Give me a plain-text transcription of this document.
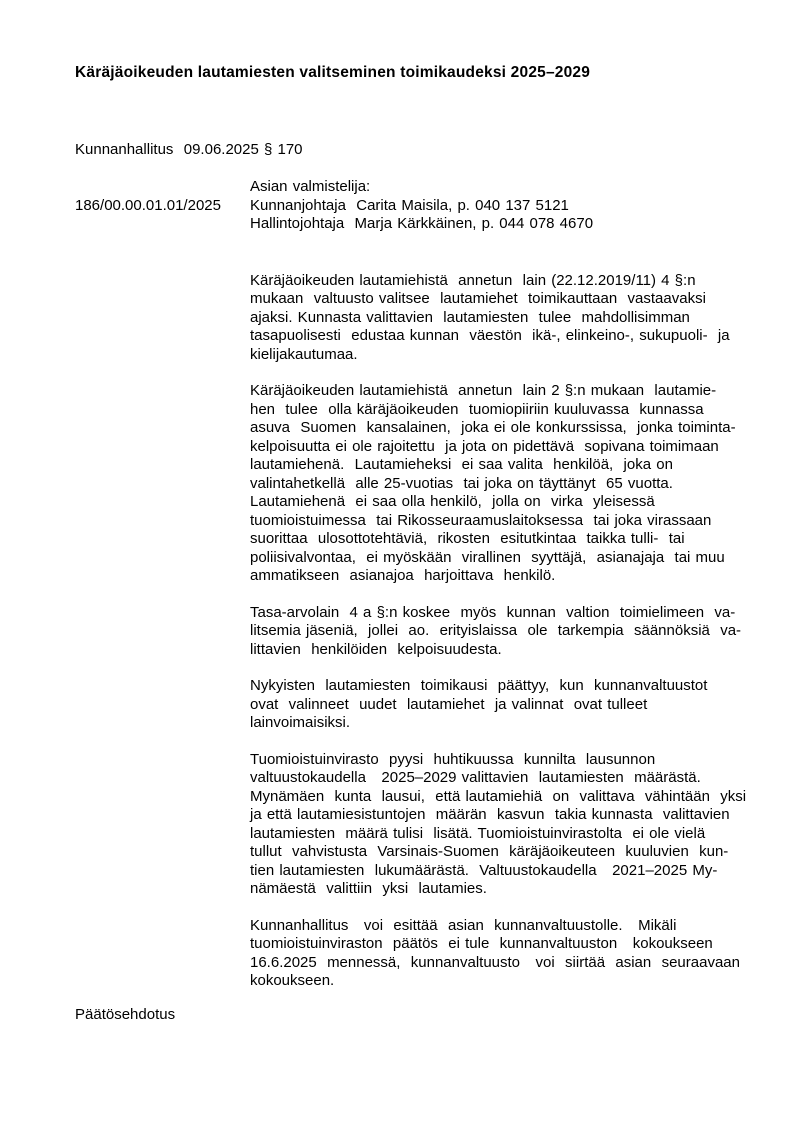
Käräjäoikeuden lautamiesten valitseminen toimikaudeksi 2025–2029

Kunnanhallitus  09.06.2025 § 170

186/00.00.01.01/2025

Asian valmistelija:
Kunnanjohtaja  Carita Maisila, p. 040 137 5121
Hallintojohtaja  Marja Kärkkäinen, p. 044 078 4670
Käräjäoikeuden lautamiehistä  annetun  lain (22.12.2019/11) 4 §:n
mukaan  valtuusto valitsee  lautamiehet  toimikauttaan  vastaavaksi
ajaksi. Kunnasta valittavien  lautamiesten  tulee  mahdollisimman
tasapuolisesti  edustaa kunnan  väestön  ikä-, elinkeino-, sukupuoli-  ja
kielijakautumaa.
Käräjäoikeuden lautamiehistä  annetun  lain 2 §:n mukaan  lautamie-
hen  tulee  olla käräjäoikeuden  tuomiopiiriin kuuluvassa  kunnassa
asuva  Suomen  kansalainen,  joka ei ole konkurssissa,  jonka toiminta-
kelpoisuutta ei ole rajoitettu  ja jota on pidettävä  sopivana toimimaan
lautamiehenä.  Lautamieheksi  ei saa valita  henkilöä,  joka on
valintahetkellä  alle 25-vuotias  tai joka on täyttänyt  65 vuotta.
Lautamiehenä  ei saa olla henkilö,  jolla on  virka  yleisessä
tuomioistuimessa  tai Rikosseuraamuslaitoksessa  tai joka virassaan
suorittaa  ulosottotehtäviä,  rikosten  esitutkintaa  taikka tulli-  tai
poliisivalvontaa,  ei myöskään  virallinen  syyttäjä,  asianajaja  tai muu
ammatikseen  asianajoa  harjoittava  henkilö.
Tasa-arvolain  4 a §:n koskee  myös  kunnan  valtion  toimielimeen  va-
litsemia jäseniä,  jollei  ao.  erityislaissa  ole  tarkempia  säännöksiä  va-
littavien  henkilöiden  kelpoisuudesta.
Nykyisten  lautamiesten  toimikausi  päättyy,  kun  kunnanvaltuustot
ovat  valinneet  uudet  lautamiehet  ja valinnat  ovat tulleet
lainvoimaisiksi.
Tuomioistuinvirasto  pyysi  huhtikuussa  kunnilta  lausunnon
valtuustokaudella   2025–2029 valittavien  lautamiesten  määrästä.
Mynämäen  kunta  lausui,  että lautamiehiä  on  valittava  vähintään  yksi
ja että lautamiesistuntojen  määrän  kasvun  takia kunnasta  valittavien
lautamiesten  määrä tulisi  lisätä. Tuomioistuinvirastolta  ei ole vielä
tullut  vahvistusta  Varsinais-Suomen  käräjäoikeuteen  kuuluvien  kun-
tien lautamiesten  lukumäärästä.  Valtuustokaudella   2021–2025 My-
nämäestä  valittiin  yksi  lautamies.
Kunnanhallitus   voi  esittää  asian  kunnanvaltuustolle.   Mikäli
tuomioistuinviraston  päätös  ei tule  kunnanvaltuuston   kokoukseen
16.6.2025  mennessä,  kunnanvaltuusto   voi  siirtää  asian  seuraavaan
kokoukseen.
Päätösehdotus
